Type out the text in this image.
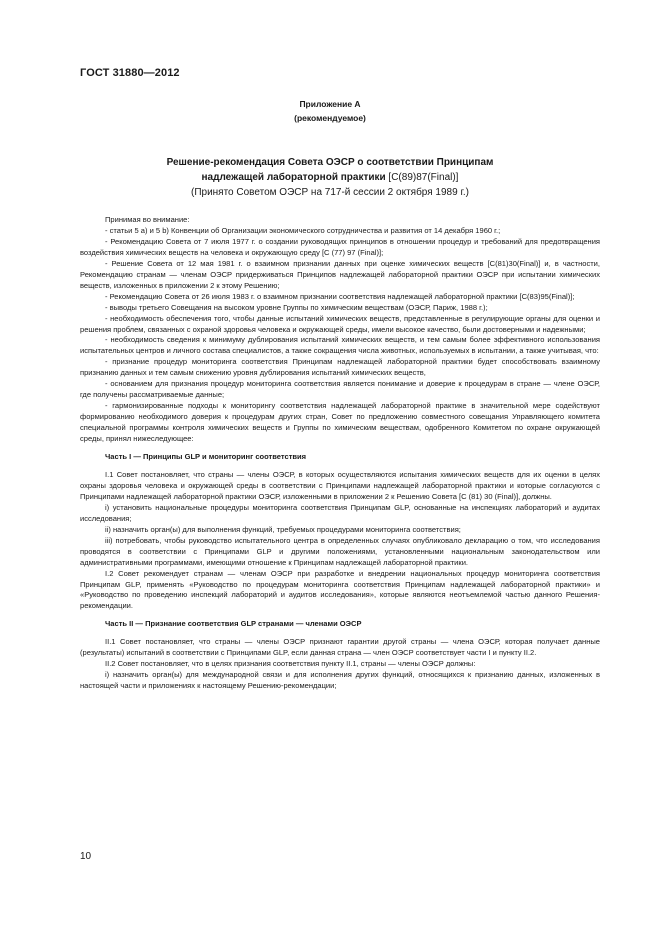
ГОСТ 31880—2012
Приложение А
(рекомендуемое)
Решение-рекомендация Совета ОЭСР о соответствии Принципам
надлежащей лабораторной практики [С(89)87(Final)]
(Принято Советом ОЭСР на 717-й сессии 2 октября 1989 г.)

Принимая во внимание:

- статьи 5 а) и 5 b) Конвенции об Организации экономического сотрудничества и развития от 14 декабря 1960 г.;

- Рекомендацию Совета от 7 июля 1977 г. о создании руководящих принципов в отношении процедур и требований для предотвращения воздействия химических веществ на человека и окружающую среду [С (77) 97 (Final)];

- Решение Совета от 12 мая 1981 г. о взаимном признании данных при оценке химических веществ [С(81)30(Final)] и, в частности, Рекомендацию странам — членам ОЭСР придерживаться Принципов надлежащей лабораторной практики ОЭСР при испытании химических веществ, изложенных в приложении 2 к этому Решению;

- Рекомендацию Совета от 26 июля 1983 г. о взаимном признании соответствия надлежащей лабораторной практики [С(83)95(Final)];

- выводы третьего Совещания на высоком уровне Группы по химическим веществам (ОЭСР, Париж, 1988 г.);

- необходимость обеспечения того, чтобы данные испытаний химических веществ, представленные в регулирующие органы для оценки и решения проблем, связанных с охраной здоровья человека и окружающей среды, имели высокое качество, были достоверными и надежными;

- необходимость сведения к минимуму дублирования испытаний химических веществ, и тем самым более эффективного использования испытательных центров и личного состава специалистов, а также сокращения числа животных, используемых в испытании, а также учитывая, что:

- признание процедур мониторинга соответствия Принципам надлежащей лабораторной практики будет способствовать взаимному признанию данных и тем самым снижению уровня дублирования испытаний химических веществ,

- основанием для признания процедур мониторинга соответствия является понимание и доверие к процедурам в стране — члене ОЭСР, где получены рассматриваемые данные;

- гармонизированные подходы к мониторингу соответствия надлежащей лабораторной практике в значительной мере содействуют формированию необходимого доверия к процедурам других стран, Совет по предложению совместного совещания Управляющего комитета специальной программы контроля химических веществ и Группы по химическим веществам, одобренного Комитетом по охране окружающей среды, принял нижеследующее:

Часть I — Принципы GLP и мониторинг соответствия

I.1 Совет постановляет, что страны — члены ОЭСР, в которых осуществляются испытания химических веществ для их оценки в целях охраны здоровья человека и окружающей среды в соответствии с Принципами надлежащей лабораторной практики и которые согласуются с Принципами надлежащей лабораторной практики ОЭСР, изложенными в приложении 2 к Решению Совета [С (81) 30 (Final)], должны.

i) установить национальные процедуры мониторинга соответствия Принципам GLP, основанные на инспекциях лабораторий и аудитах исследования;

ii) назначить орган(ы) для выполнения функций, требуемых процедурами мониторинга соответствия;

iii) потребовать, чтобы руководство испытательного центра в определенных случаях опубликовало декларацию о том, что исследования проводятся в соответствии с Принципами GLP и другими положениями, установленными национальным законодательством или административными программами, имеющими отношение к Принципам надлежащей лабораторной практики.

I.2 Совет рекомендует странам — членам ОЭСР при разработке и внедрении национальных процедур мониторинга соответствия Принципам GLP, применять «Руководство по процедурам мониторинга соответствия Принципам надлежащей лабораторной практики» и «Руководство по проведению инспекций лабораторий и аудитов исследования», которые являются неотъемлемой частью данного Решения-рекомендации.

Часть II — Признание соответствия GLP странами — членами ОЭСР

II.1 Совет постановляет, что страны — члены ОЭСР признают гарантии другой страны — члена ОЭСР, которая получает данные (результаты) испытаний в соответствии с Принципами GLP, если данная страна — член ОЭСР соответствует части I и пункту II.2.

II.2 Совет постановляет, что в целях признания соответствия пункту II.1, страны — члены ОЭСР должны:

i) назначить орган(ы) для международной связи и для исполнения других функций, относящихся к признанию данных, изложенных в настоящей части и приложениях к настоящему Решению-рекомендации;

10
